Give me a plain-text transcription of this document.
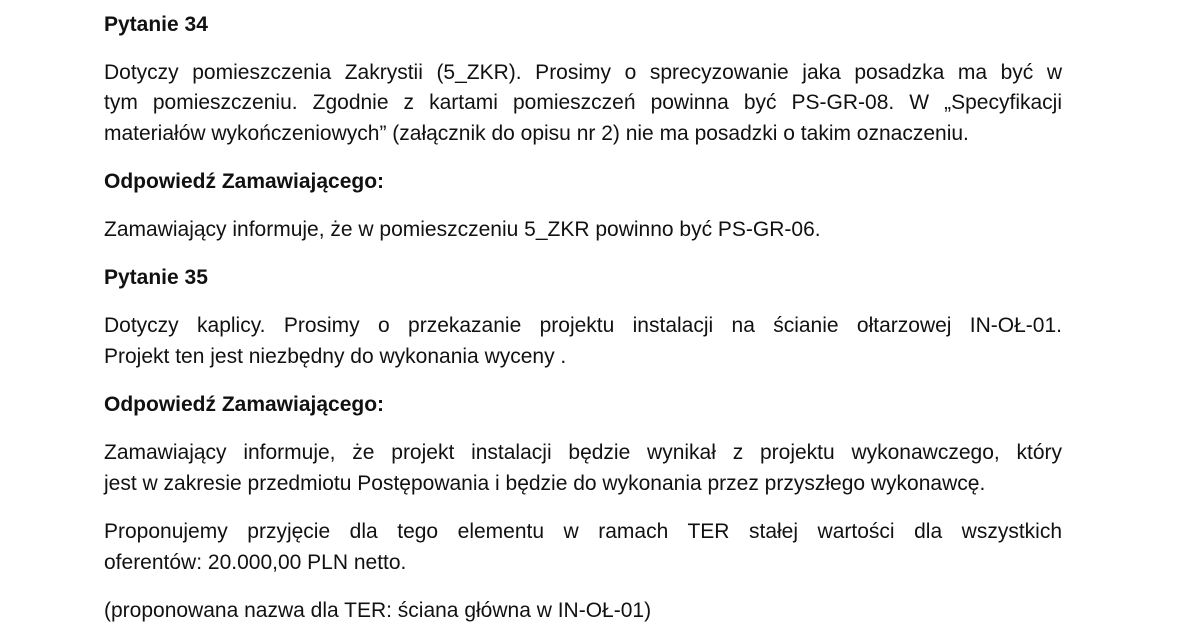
Pytanie 34
Dotyczy pomieszczenia Zakrystii (5_ZKR). Prosimy o sprecyzowanie jaka posadzka ma być w
tym pomieszczeniu. Zgodnie z kartami pomieszczeń powinna być PS-GR-08. W „Specyfikacji
materiałów wykończeniowych” (załącznik do opisu nr 2) nie ma posadzki o takim oznaczeniu.
Odpowiedź Zamawiającego:
Zamawiający informuje, że w pomieszczeniu 5_ZKR powinno być PS-GR-06.
Pytanie 35
Dotyczy kaplicy. Prosimy o przekazanie projektu instalacji na ścianie ołtarzowej IN-OŁ-01.
Projekt ten jest niezbędny do wykonania wyceny .
Odpowiedź Zamawiającego:
Zamawiający informuje, że projekt instalacji będzie wynikał z projektu wykonawczego, który
jest w zakresie przedmiotu Postępowania i będzie do wykonania przez przyszłego wykonawcę.
Proponujemy przyjęcie dla tego elementu w ramach TER stałej wartości dla wszystkich
oferentów: 20.000,00 PLN netto.
(proponowana nazwa dla TER: ściana główna w IN-OŁ-01)
